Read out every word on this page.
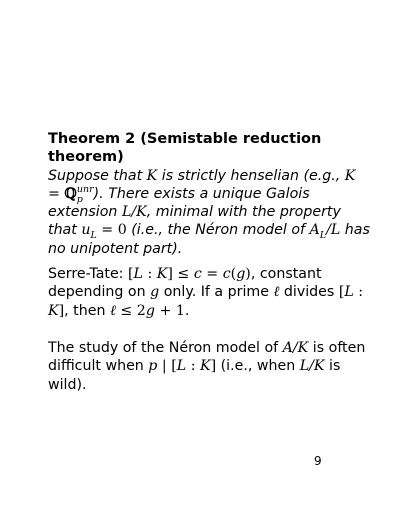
Theorem 2 (Semistable reduction theorem)
Suppose that K is strictly henselian (e.g., K = ℚ$_p^{unr}$). There exists a unique Galois extension L/K, minimal with the property that $u_L = 0$ (i.e., the Néron model of $A_L/L$ has no unipotent part).

Serre-Tate: [L : K] ≤ c = c(g), constant depending on g only. If a prime ℓ divides [L : K], then ℓ ≤ 2g + 1.

The study of the Néron model of A/K is often difficult when p | [L : K] (i.e., when L/K is wild).

9
